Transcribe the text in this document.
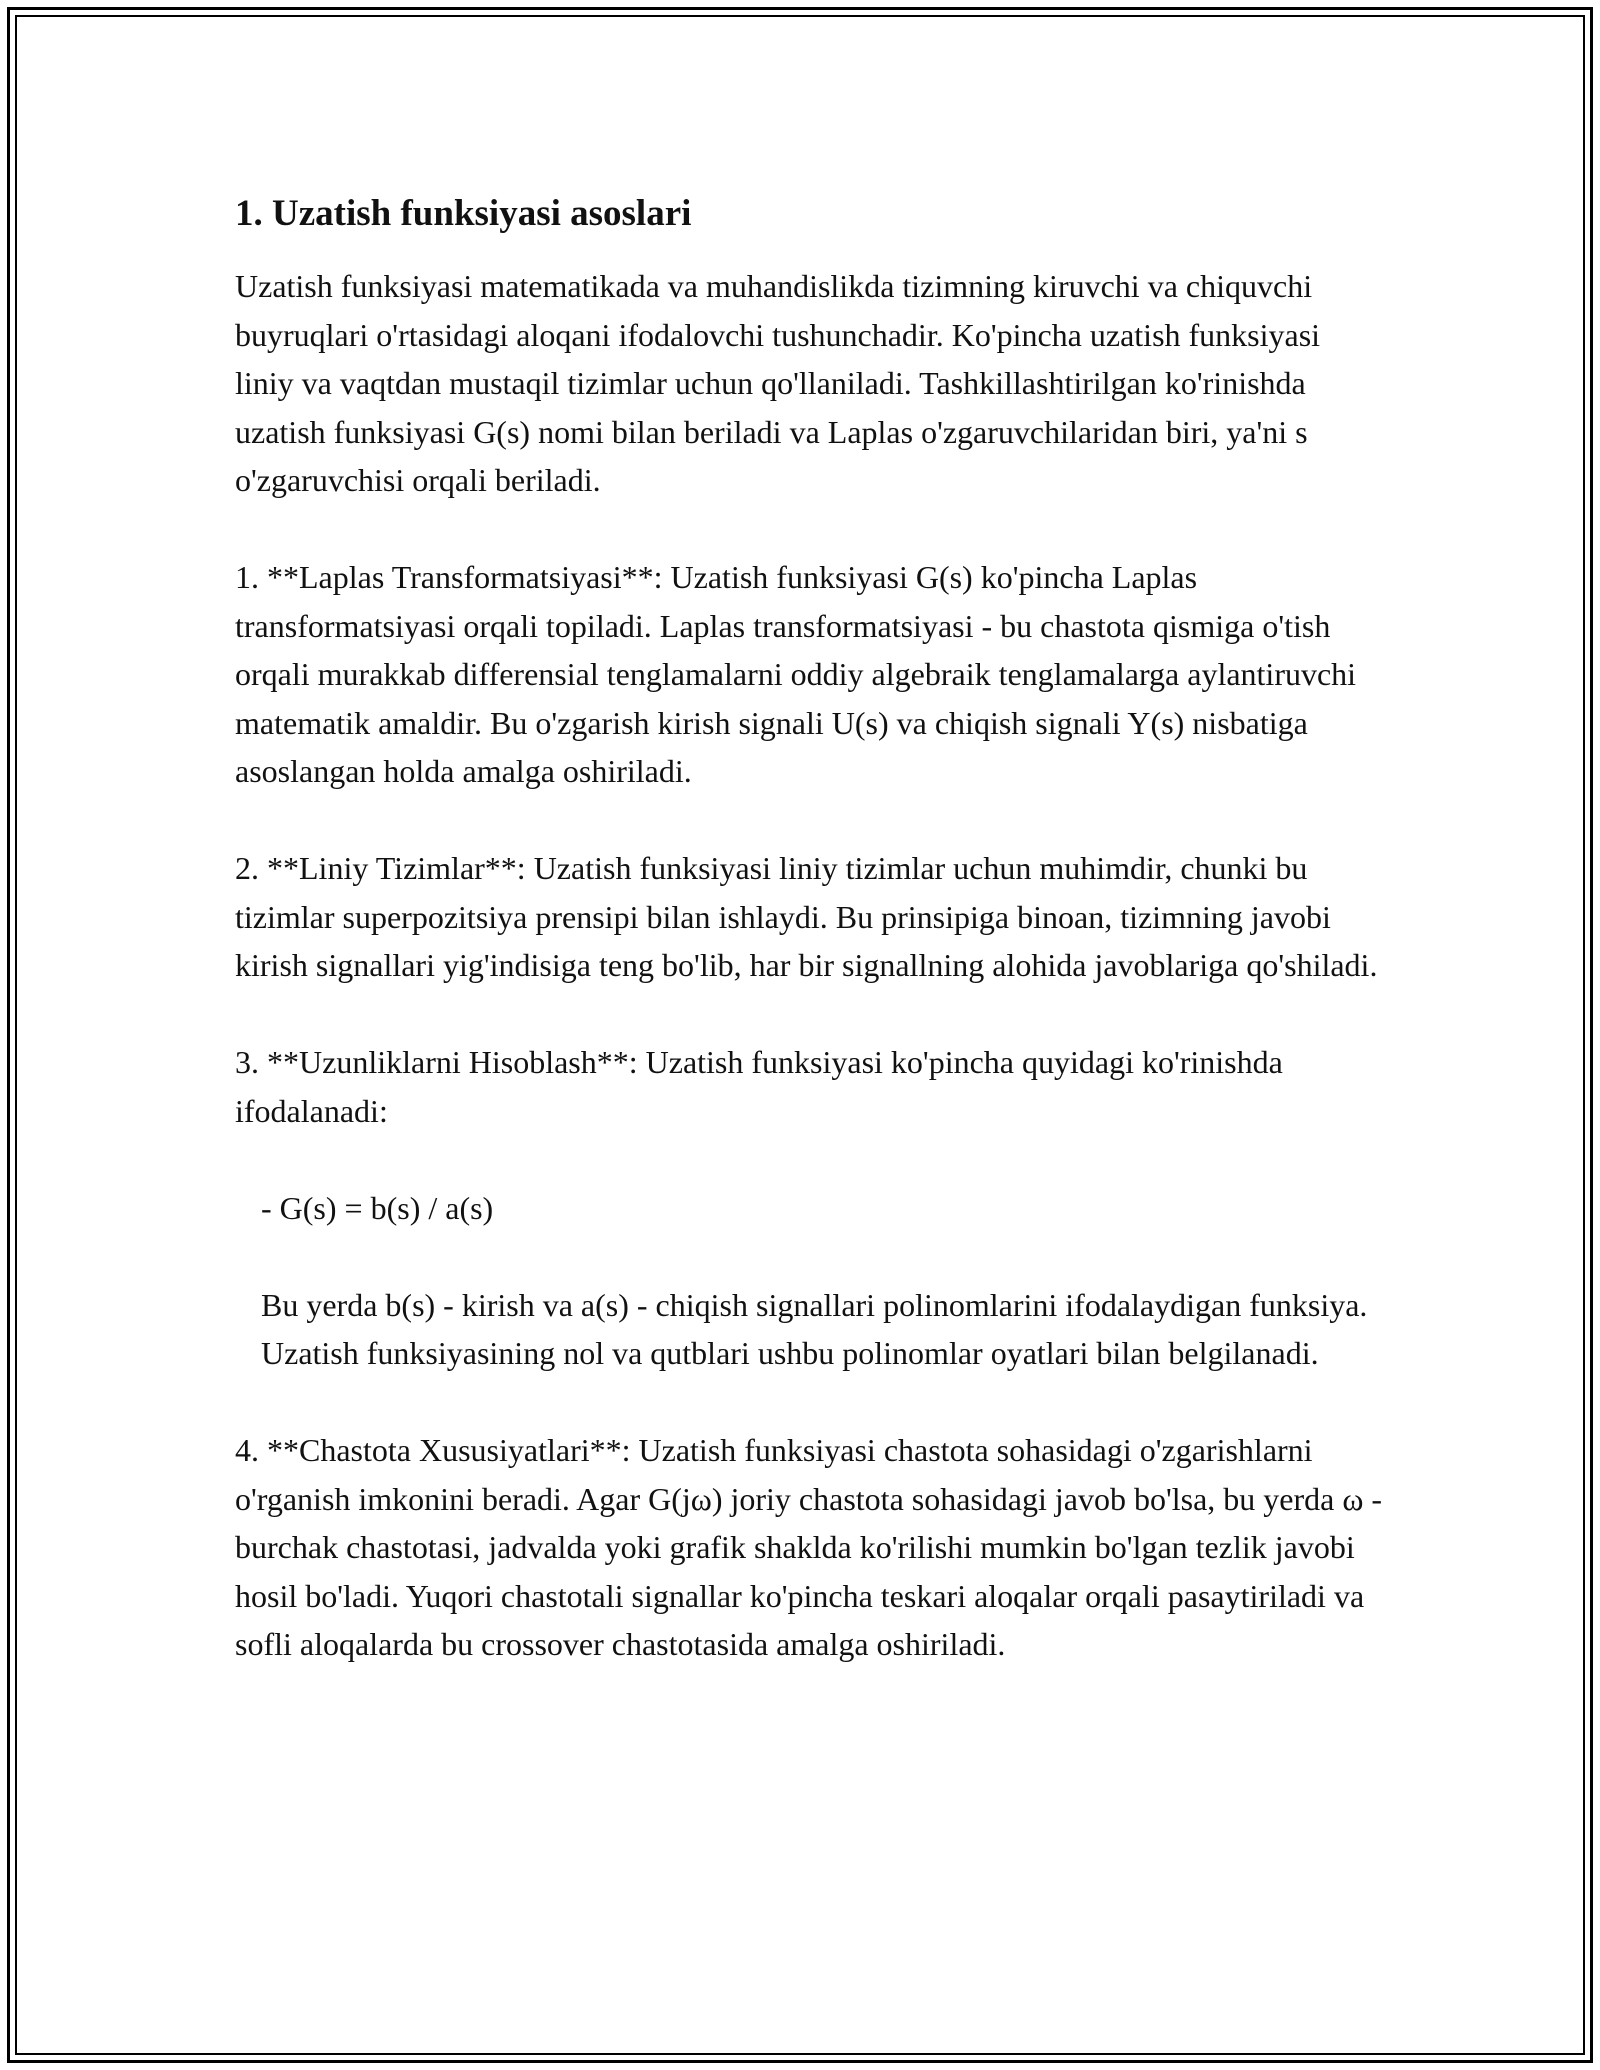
1. Uzatish funksiyasi asoslari

Uzatish funksiyasi matematikada va muhandislikda tizimning kiruvchi va chiquvchi buyruqlari o'rtasidagi aloqani ifodalovchi tushunchadir. Ko'pincha uzatish funksiyasi liniy va vaqtdan mustaqil tizimlar uchun qo'llaniladi. Tashkillashtirilgan ko'rinishda uzatish funksiyasi G(s) nomi bilan beriladi va Laplas o'zgaruvchilaridan biri, ya'ni s o'zgaruvchisi orqali beriladi.

1. **Laplas Transformatsiyasi**: Uzatish funksiyasi G(s) ko'pincha Laplas transformatsiyasi orqali topiladi. Laplas transformatsiyasi - bu chastota qismiga o'tish orqali murakkab differensial tenglamalarni oddiy algebraik tenglamalarga aylantiruvchi matematik amaldir. Bu o'zgarish kirish signali U(s) va chiqish signali Y(s) nisbatiga asoslangan holda amalga oshiriladi.

2. **Liniy Tizimlar**: Uzatish funksiyasi liniy tizimlar uchun muhimdir, chunki bu tizimlar superpozitsiya prensipi bilan ishlaydi. Bu prinsipiga binoan, tizimning javobi kirish signallari yig'indisiga teng bo'lib, har bir signallning alohida javoblariga qo'shiladi.

3. **Uzunliklarni Hisoblash**: Uzatish funksiyasi ko'pincha quyidagi ko'rinishda ifodalanadi:

- G(s) = b(s) / a(s)

Bu yerda b(s) - kirish va a(s) - chiqish signallari polinomlarini ifodalaydigan funksiya. Uzatish funksiyasining nol va qutblari ushbu polinomlar oyatlari bilan belgilanadi.

4. **Chastota Xususiyatlari**: Uzatish funksiyasi chastota sohasidagi o'zgarishlarni o'rganish imkonini beradi. Agar G(jω) joriy chastota sohasidagi javob bo'lsa, bu yerda ω - burchak chastotasi, jadvalda yoki grafik shaklda ko'rilishi mumkin bo'lgan tezlik javobi hosil bo'ladi. Yuqori chastotali signallar ko'pincha teskari aloqalar orqali pasaytiriladi va sofli aloqalarda bu crossover chastotasida amalga oshiriladi.
